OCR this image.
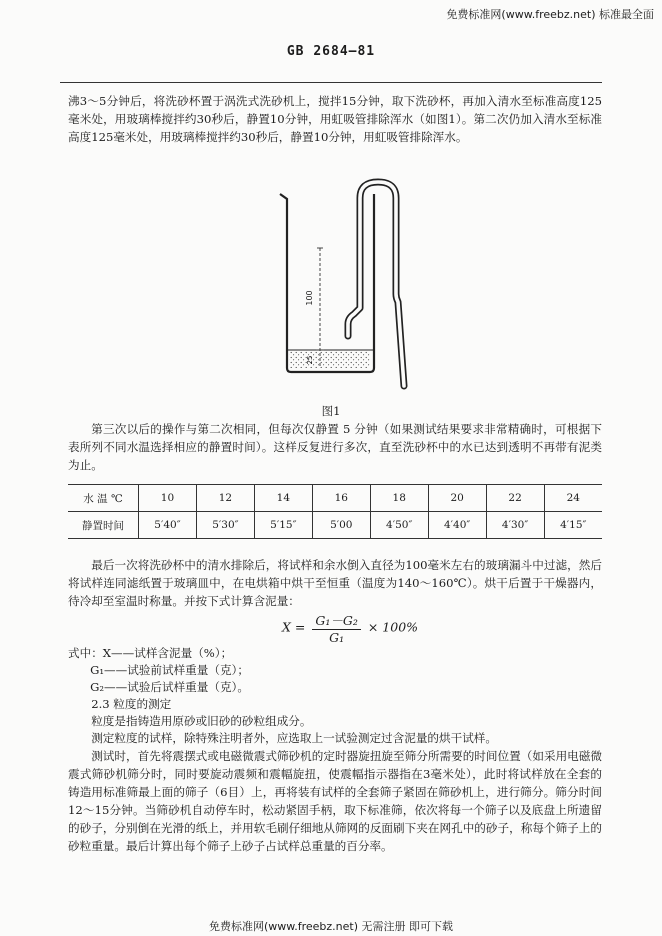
免费标准网(www.freebz.net) 标准最全面
GB 2684—81

沸3～5分钟后，将洗砂杯置于涡洗式洗砂机上，搅拌15分钟，取下洗砂杯，再加入清水至标准高度125毫米处，用玻璃棒搅拌约30秒后，静置10分钟，用虹吸管排除浑水（如图1）。第二次仍加入清水至标准高度125毫米处，用玻璃棒搅拌约30秒后，静置10分钟，用虹吸管排除浑水。

100
25
图1

第三次以后的操作与第二次相同，但每次仅静置 5 分钟（如果测试结果要求非常精确时，可根据下表所列不同水温选择相应的静置时间）。这样反复进行多次，直至洗砂杯中的水已达到透明不再带有泥类为止。

水 温 ℃	10	12	14	16	18	20	22	24
静置时间	5′40″	5′30″	5′15″	5′00	4′50″	4′40″	4′30″	4′15″

最后一次将洗砂杯中的清水排除后，将试样和余水倒入直径为100毫米左右的玻璃漏斗中过滤，然后将试样连同滤纸置于玻璃皿中，在电烘箱中烘干至恒重（温度为140～160℃）。烘干后置于干燥器内，待冷却至室温时称量。并按下式计算含泥量：

$X = \frac{\text{G₁－G₂}}{\text{G₁}} \times 100\%$
式中：X——试样含泥量（%）；
G₁——试验前试样重量（克）；
G₂——试验后试样重量（克）。
2.3 粒度的测定
粒度是指铸造用原砂或旧砂的砂粒组成分。
测定粒度的试样，除特殊注明者外，应选取上一试验测定过含泥量的烘干试样。
测试时，首先将震摆式或电磁微震式筛砂机的定时器旋扭旋至筛分所需要的时间位置（如采用电磁微震式筛砂机筛分时，同时要旋动震频和震幅旋扭，使震幅指示器指在3毫米处），此时将试样放在全套的铸造用标准筛最上面的筛子（6目）上，再将装有试样的全套筛子紧固在筛砂机上，进行筛分。筛分时间12～15分钟。当筛砂机自动停车时，松动紧固手柄，取下标准筛，依次将每一个筛子以及底盘上所遗留的砂子，分别倒在光滑的纸上，并用软毛刷仔细地从筛网的反面刷下夹在网孔中的砂子，称每个筛子上的砂粒重量。最后计算出每个筛子上砂子占试样总重量的百分率。
免费标准网(www.freebz.net) 无需注册 即可下载
